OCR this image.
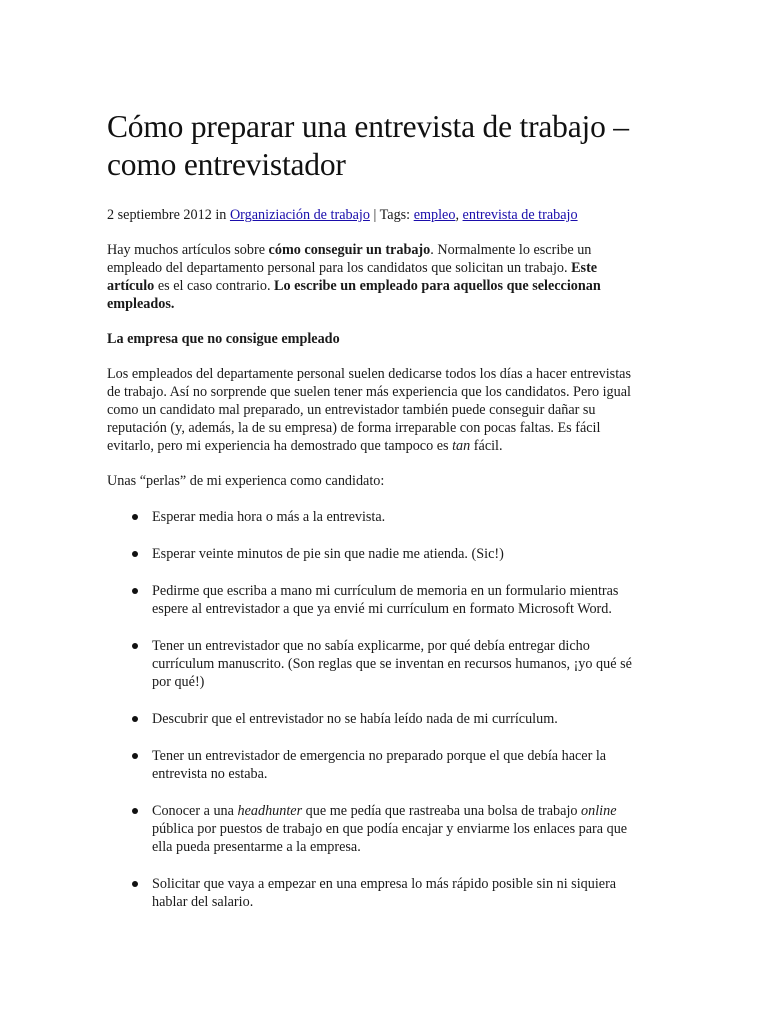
Cómo preparar una entrevista de trabajo – como entrevistador

2 septiembre 2012 in Organiziación de trabajo | Tags: empleo, entrevista de trabajo

Hay muchos artículos sobre cómo conseguir un trabajo. Normalmente lo escribe un empleado del departamento personal para los candidatos que solicitan un trabajo. Este artículo es el caso contrario. Lo escribe un empleado para aquellos que seleccionan empleados.

La empresa que no consigue empleado

Los empleados del departamente personal suelen dedicarse todos los días a hacer entrevistas de trabajo. Así no sorprende que suelen tener más experiencia que los candidatos. Pero igual como un candidato mal preparado, un entrevistador también puede conseguir dañar su reputación (y, además, la de su empresa) de forma irreparable con pocas faltas. Es fácil evitarlo, pero mi experiencia ha demostrado que tampoco es tan fácil.

Unas “perlas” de mi experienca como candidato:

Esperar media hora o más a la entrevista.
Esperar veinte minutos de pie sin que nadie me atienda. (Sic!)
Pedirme que escriba a mano mi currículum de memoria en un formulario mientras espere al entrevistador a que ya envié mi currículum en formato Microsoft Word.
Tener un entrevistador que no sabía explicarme, por qué debía entregar dicho currículum manuscrito. (Son reglas que se inventan en recursos humanos, ¡yo qué sé por qué!)
Descubrir que el entrevistador no se había leído nada de mi currículum.
Tener un entrevistador de emergencia no preparado porque el que debía hacer la entrevista no estaba.
Conocer a una headhunter que me pedía que rastreaba una bolsa de trabajo online pública por puestos de trabajo en que podía encajar y enviarme los enlaces para que ella pueda presentarme a la empresa.
Solicitar que vaya a empezar en una empresa lo más rápido posible sin ni siquiera hablar del salario.
